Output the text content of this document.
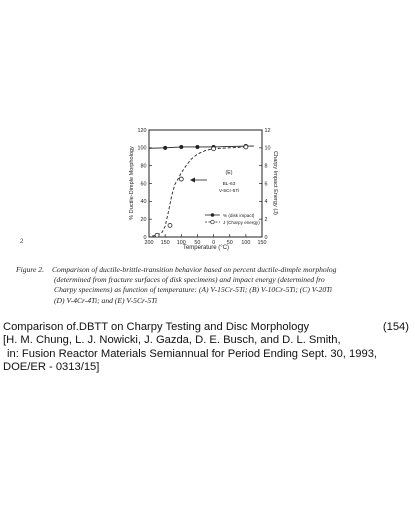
200 150 100 50 0 50 100 150
0
20
40
60
80
100
120
0
2
4
6
8
10
12
Temperature (°C)
% Ductile-Dimple Morphology	Charpy Impact Energy (J)
(E)
BL-63
V-5Cr-5Ti
% (disk impact)
J (Charpy energy)
2
Figure 2. Comparison of ductile-brittle-transition behavior based on percent ductile-dimple morpholog
(determined from fracture surfaces of disk specimens) and impact energy (determined fro
Charpy specimens) as function of temperature: (A) V-15Cr-5Ti; (B) V-10Cr-5Ti; (C) V-20Ti
(D) V-4Cr-4Ti; and (E) V-5Cr-5Ti
Comparison of.DBTT on Charpy Testing and Disc Morphology	(154)
[H. M. Chung, L. J. Nowicki, J. Gazda, D. E. Busch, and D. L. Smith,
in: Fusion Reactor Materials Semiannual for Period Ending Sept. 30, 1993,
DOE/ER - 0313/15]
